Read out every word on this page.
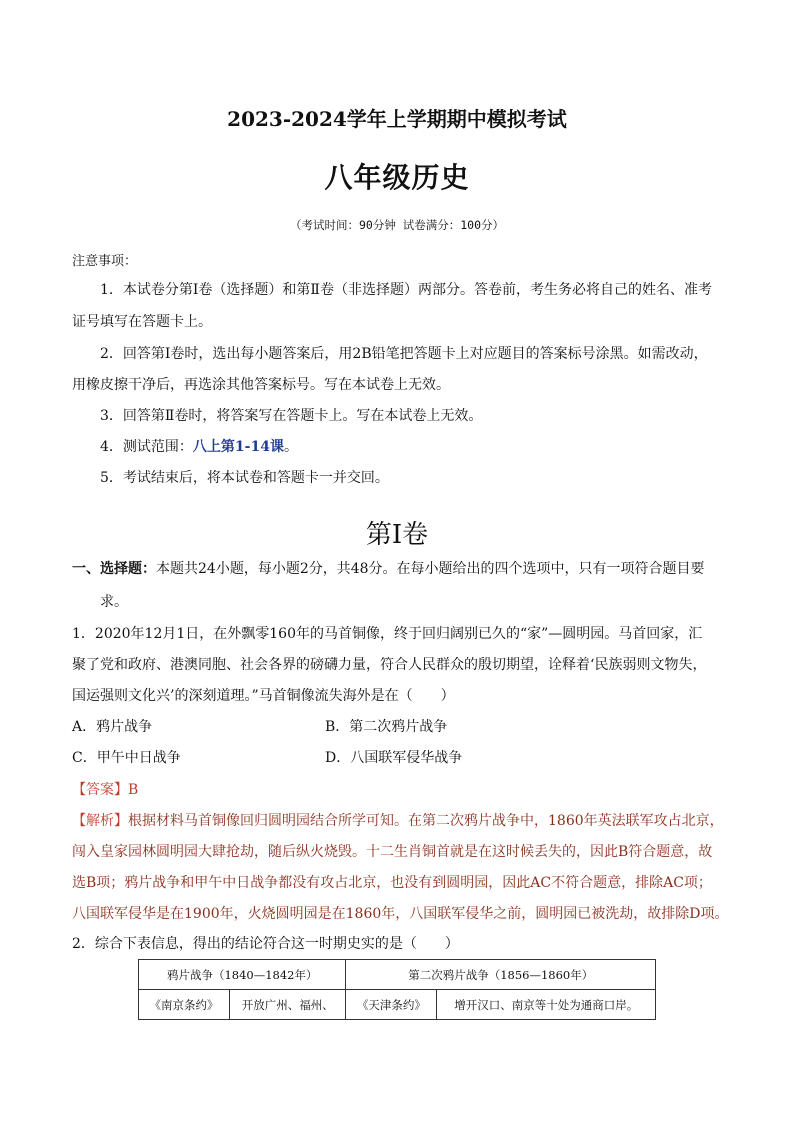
2023-2024学年上学期期中模拟考试
八年级历史
（考试时间：90分钟 试卷满分：100分）
注意事项：
1．本试卷分第Ⅰ卷（选择题）和第Ⅱ卷（非选择题）两部分。答卷前，考生务必将自己的姓名、准考
证号填写在答题卡上。
2．回答第Ⅰ卷时，选出每小题答案后，用2B铅笔把答题卡上对应题目的答案标号涂黑。如需改动，
用橡皮擦干净后，再选涂其他答案标号。写在本试卷上无效。
3．回答第Ⅱ卷时，将答案写在答题卡上。写在本试卷上无效。
4．测试范围：八上第1-14课。
5．考试结束后，将本试卷和答题卡一并交回。
第Ⅰ卷
一、选择题：本题共24小题，每小题2分，共48分。在每小题给出的四个选项中，只有一项符合题目要
求。
1．2020年12月1日，在外飘零160年的马首铜像，终于回归阔别已久的“家”—圆明园。马首回家，汇
聚了党和政府、港澳同胞、社会各界的磅礴力量，符合人民群众的殷切期望，诠释着‘民族弱则文物失，
国运强则文化兴’的深刻道理。”马首铜像流失海外是在（　　）
A．鸦片战争	B．第二次鸦片战争
C．甲午中日战争	D．八国联军侵华战争
【答案】B
【解析】根据材料马首铜像回归圆明园结合所学可知。在第二次鸦片战争中，1860年英法联军攻占北京，
闯入皇家园林圆明园大肆抢劫，随后纵火烧毁。十二生肖铜首就是在这时候丢失的，因此B符合题意，故
选B项；鸦片战争和甲午中日战争都没有攻占北京，也没有到圆明园，因此AC不符合题意，排除AC项；
八国联军侵华是在1900年，火烧圆明园是在1860年，八国联军侵华之前，圆明园已被洗劫，故排除D项。
2．综合下表信息，得出的结论符合这一时期史实的是（　　）
鸦片战争（1840—1842年）		第二次鸦片战争（1856—1860年）	
《南京条约》	开放广州、福州、	《天津条约》	增开汉口、南京等十处为通商口岸。
